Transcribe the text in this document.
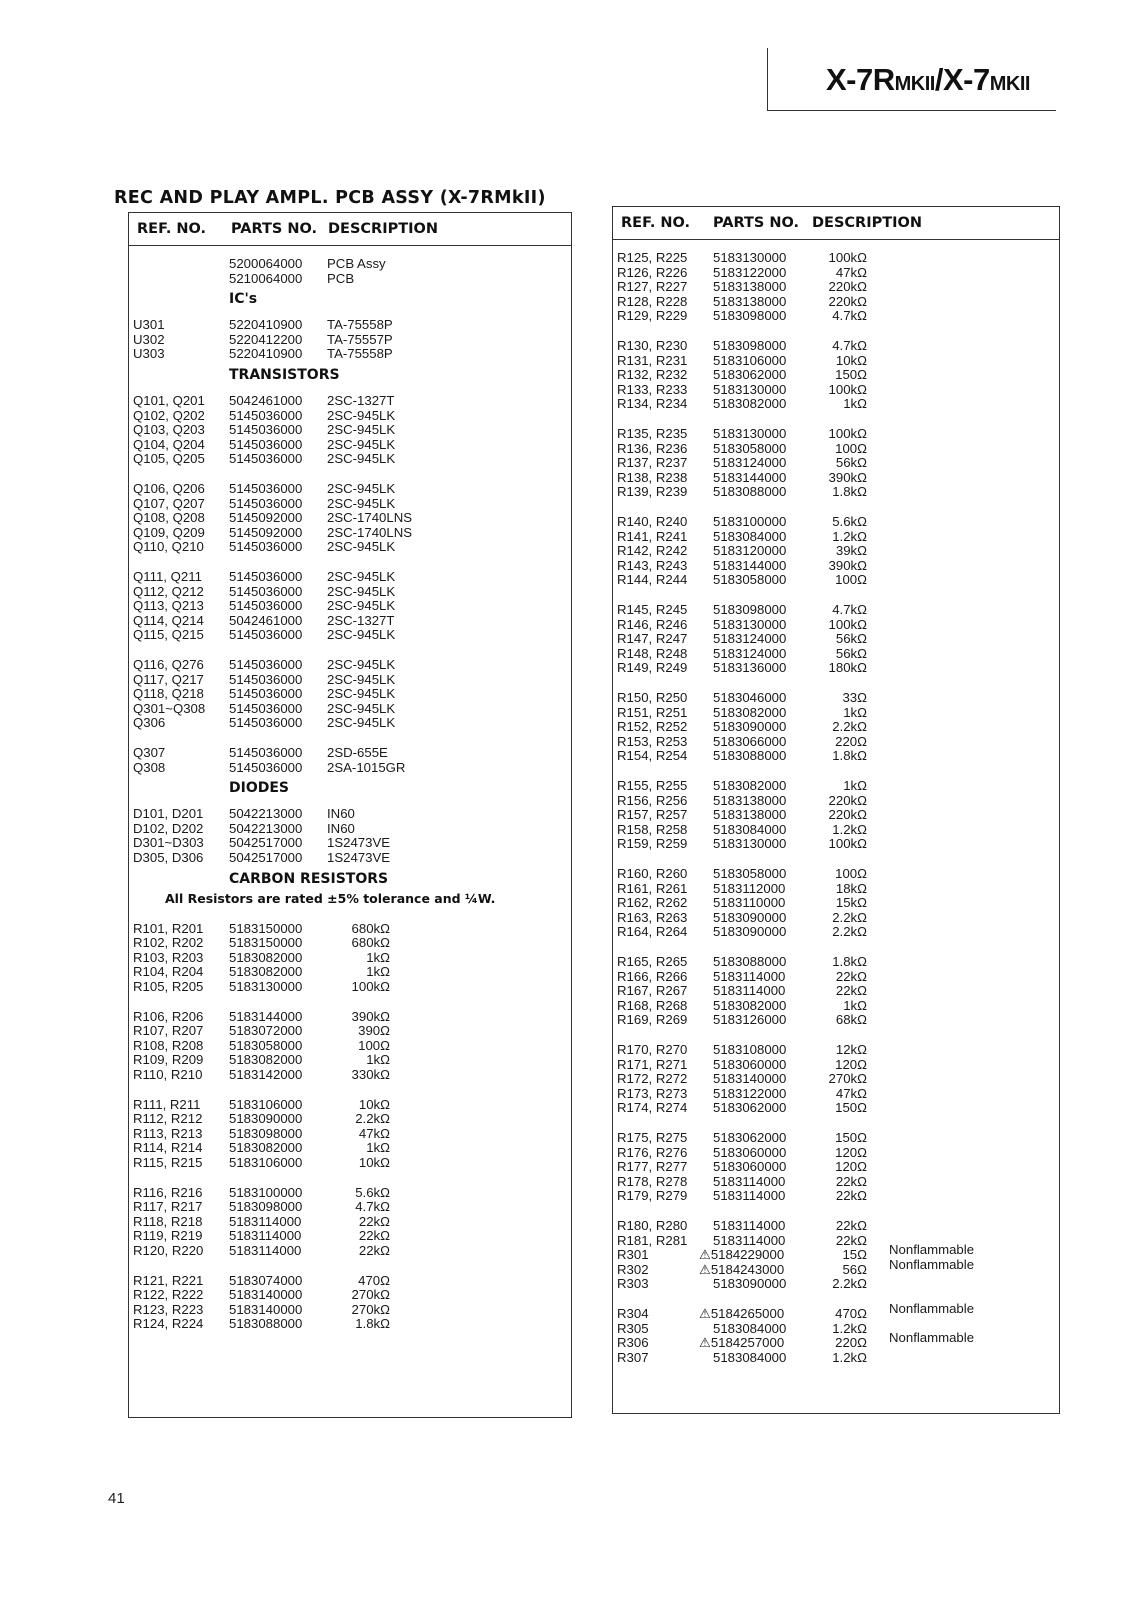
X-7RMKII/X-7MKII
REC AND PLAY AMPL. PCB ASSY (X-7RMkII)
REF. NO. PARTS NO. DESCRIPTION
5200064000 PCB Assy
5210064000 PCB
IC's
U301	5220410900 TA-75558P
U302	5220412200 TA-75557P
U303	5220410900 TA-75558P
TRANSISTORS
Q101, Q201 5042461000 2SC-1327T
Q102, Q202 5145036000 2SC-945LK
Q103, Q203 5145036000 2SC-945LK
Q104, Q204 5145036000 2SC-945LK
Q105, Q205 5145036000 2SC-945LK
Q106, Q206 5145036000 2SC-945LK
Q107, Q207 5145036000 2SC-945LK
Q108, Q208 5145092000 2SC-1740LNS
Q109, Q209 5145092000 2SC-1740LNS
Q110, Q210 5145036000 2SC-945LK
Q111, Q211 5145036000 2SC-945LK
Q112, Q212 5145036000 2SC-945LK
Q113, Q213 5145036000 2SC-945LK
Q114, Q214 5042461000 2SC-1327T
Q115, Q215 5145036000 2SC-945LK
Q116, Q276 5145036000 2SC-945LK
Q117, Q217 5145036000 2SC-945LK
Q118, Q218 5145036000 2SC-945LK
Q301~Q308 5145036000 2SC-945LK
Q306	5145036000 2SC-945LK
Q307	5145036000 2SD-655E
Q308	5145036000 2SA-1015GR
DIODES
D101, D201 5042213000 IN60
D102, D202 5042213000 IN60
D301~D303 5042517000 1S2473VE
D305, D306 5042517000 1S2473VE
CARBON RESISTORS
All Resistors are rated ±5% tolerance and ¼W.
R101, R201 5183150000	680kΩ
R102, R202 5183150000	680kΩ
R103, R203 5183082000	1kΩ
R104, R204 5183082000	1kΩ
R105, R205 5183130000	100kΩ
R106, R206 5183144000	390kΩ
R107, R207 5183072000	390Ω
R108, R208 5183058000	100Ω
R109, R209 5183082000	1kΩ
R110, R210 5183142000	330kΩ
R111, R211 5183106000	10kΩ
R112, R212 5183090000	2.2kΩ
R113, R213 5183098000	47kΩ
R114, R214 5183082000	1kΩ
R115, R215 5183106000	10kΩ
R116, R216 5183100000	5.6kΩ
R117, R217 5183098000	4.7kΩ
R118, R218 5183114000	22kΩ
R119, R219 5183114000	22kΩ
R120, R220 5183114000	22kΩ
R121, R221 5183074000	470Ω
R122, R222 5183140000	270kΩ
R123, R223 5183140000	270kΩ
R124, R224 5183088000	1.8kΩ
REF. NO. PARTS NO. DESCRIPTION
R125, R225 5183130000	100kΩ
R126, R226 5183122000	47kΩ
R127, R227 5183138000	220kΩ
R128, R228 5183138000	220kΩ
R129, R229 5183098000	4.7kΩ
R130, R230 5183098000	4.7kΩ
R131, R231 5183106000	10kΩ
R132, R232 5183062000	150Ω
R133, R233 5183130000	100kΩ
R134, R234 5183082000	1kΩ
R135, R235 5183130000	100kΩ
R136, R236 5183058000	100Ω
R137, R237 5183124000	56kΩ
R138, R238 5183144000	390kΩ
R139, R239 5183088000	1.8kΩ
R140, R240 5183100000	5.6kΩ
R141, R241 5183084000	1.2kΩ
R142, R242 5183120000	39kΩ
R143, R243 5183144000	390kΩ
R144, R244 5183058000	100Ω
R145, R245 5183098000	4.7kΩ
R146, R246 5183130000	100kΩ
R147, R247 5183124000	56kΩ
R148, R248 5183124000	56kΩ
R149, R249 5183136000	180kΩ
R150, R250 5183046000	33Ω
R151, R251 5183082000	1kΩ
R152, R252 5183090000	2.2kΩ
R153, R253 5183066000	220Ω
R154, R254 5183088000	1.8kΩ
R155, R255 5183082000	1kΩ
R156, R256 5183138000	220kΩ
R157, R257 5183138000	220kΩ
R158, R258 5183084000	1.2kΩ
R159, R259 5183130000	100kΩ
R160, R260 5183058000	100Ω
R161, R261 5183112000	18kΩ
R162, R262 5183110000	15kΩ
R163, R263 5183090000	2.2kΩ
R164, R264 5183090000	2.2kΩ
R165, R265 5183088000	1.8kΩ
R166, R266 5183114000	22kΩ
R167, R267 5183114000	22kΩ
R168, R268 5183082000	1kΩ
R169, R269 5183126000	68kΩ
R170, R270 5183108000	12kΩ
R171, R271 5183060000	120Ω
R172, R272 5183140000	270kΩ
R173, R273 5183122000	47kΩ
R174, R274 5183062000	150Ω
R175, R275 5183062000	150Ω
R176, R276 5183060000	120Ω
R177, R277 5183060000	120Ω
R178, R278 5183114000	22kΩ
R179, R279 5183114000	22kΩ
R180, R280 5183114000	22kΩ
R181, R281 5183114000	22kΩ
R301	⚠5184229000	15Ω Nonflammable
R302	⚠5184243000	56Ω Nonflammable
R303	5183090000	2.2kΩ
R304	⚠5184265000	470Ω Nonflammable
R305	5183084000	1.2kΩ
R306	⚠5184257000	220Ω Nonflammable
R307	5183084000	1.2kΩ
41
